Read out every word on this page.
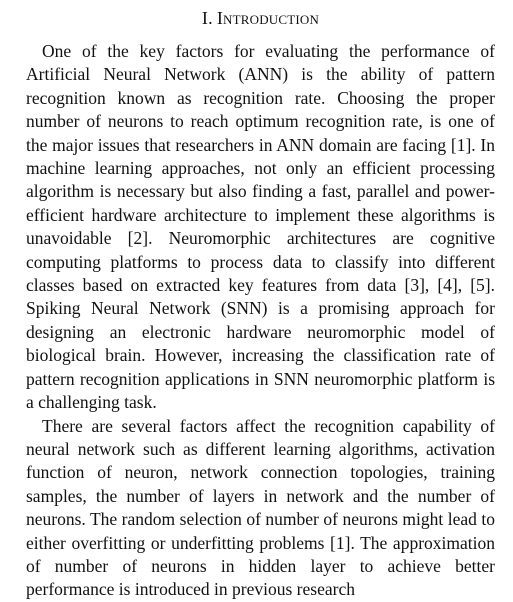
I. Introduction

One of the key factors for evaluating the performance of Artificial Neural Network (ANN) is the ability of pattern recognition known as recognition rate. Choosing the proper number of neurons to reach optimum recognition rate, is one of the major issues that researchers in ANN domain are facing [1]. In machine learning approaches, not only an efficient processing algorithm is necessary but also finding a fast, parallel and power-efficient hardware architecture to implement these algorithms is unavoidable [2]. Neuromorphic architectures are cognitive computing platforms to process data to classify into different classes based on extracted key features from data [3], [4], [5]. Spiking Neural Network (SNN) is a promising approach for designing an electronic hardware neuromorphic model of biological brain. However, increasing the classification rate of pattern recognition applications in SNN neuromorphic platform is a challenging task.

There are several factors affect the recognition capability of neural network such as different learning algorithms, activation function of neuron, network connection topologies, training samples, the number of layers in network and the number of neurons. The random selection of number of neurons might lead to either overfitting or underfitting problems [1]. The approximation of number of neurons in hidden layer to achieve better performance is introduced in previous research
